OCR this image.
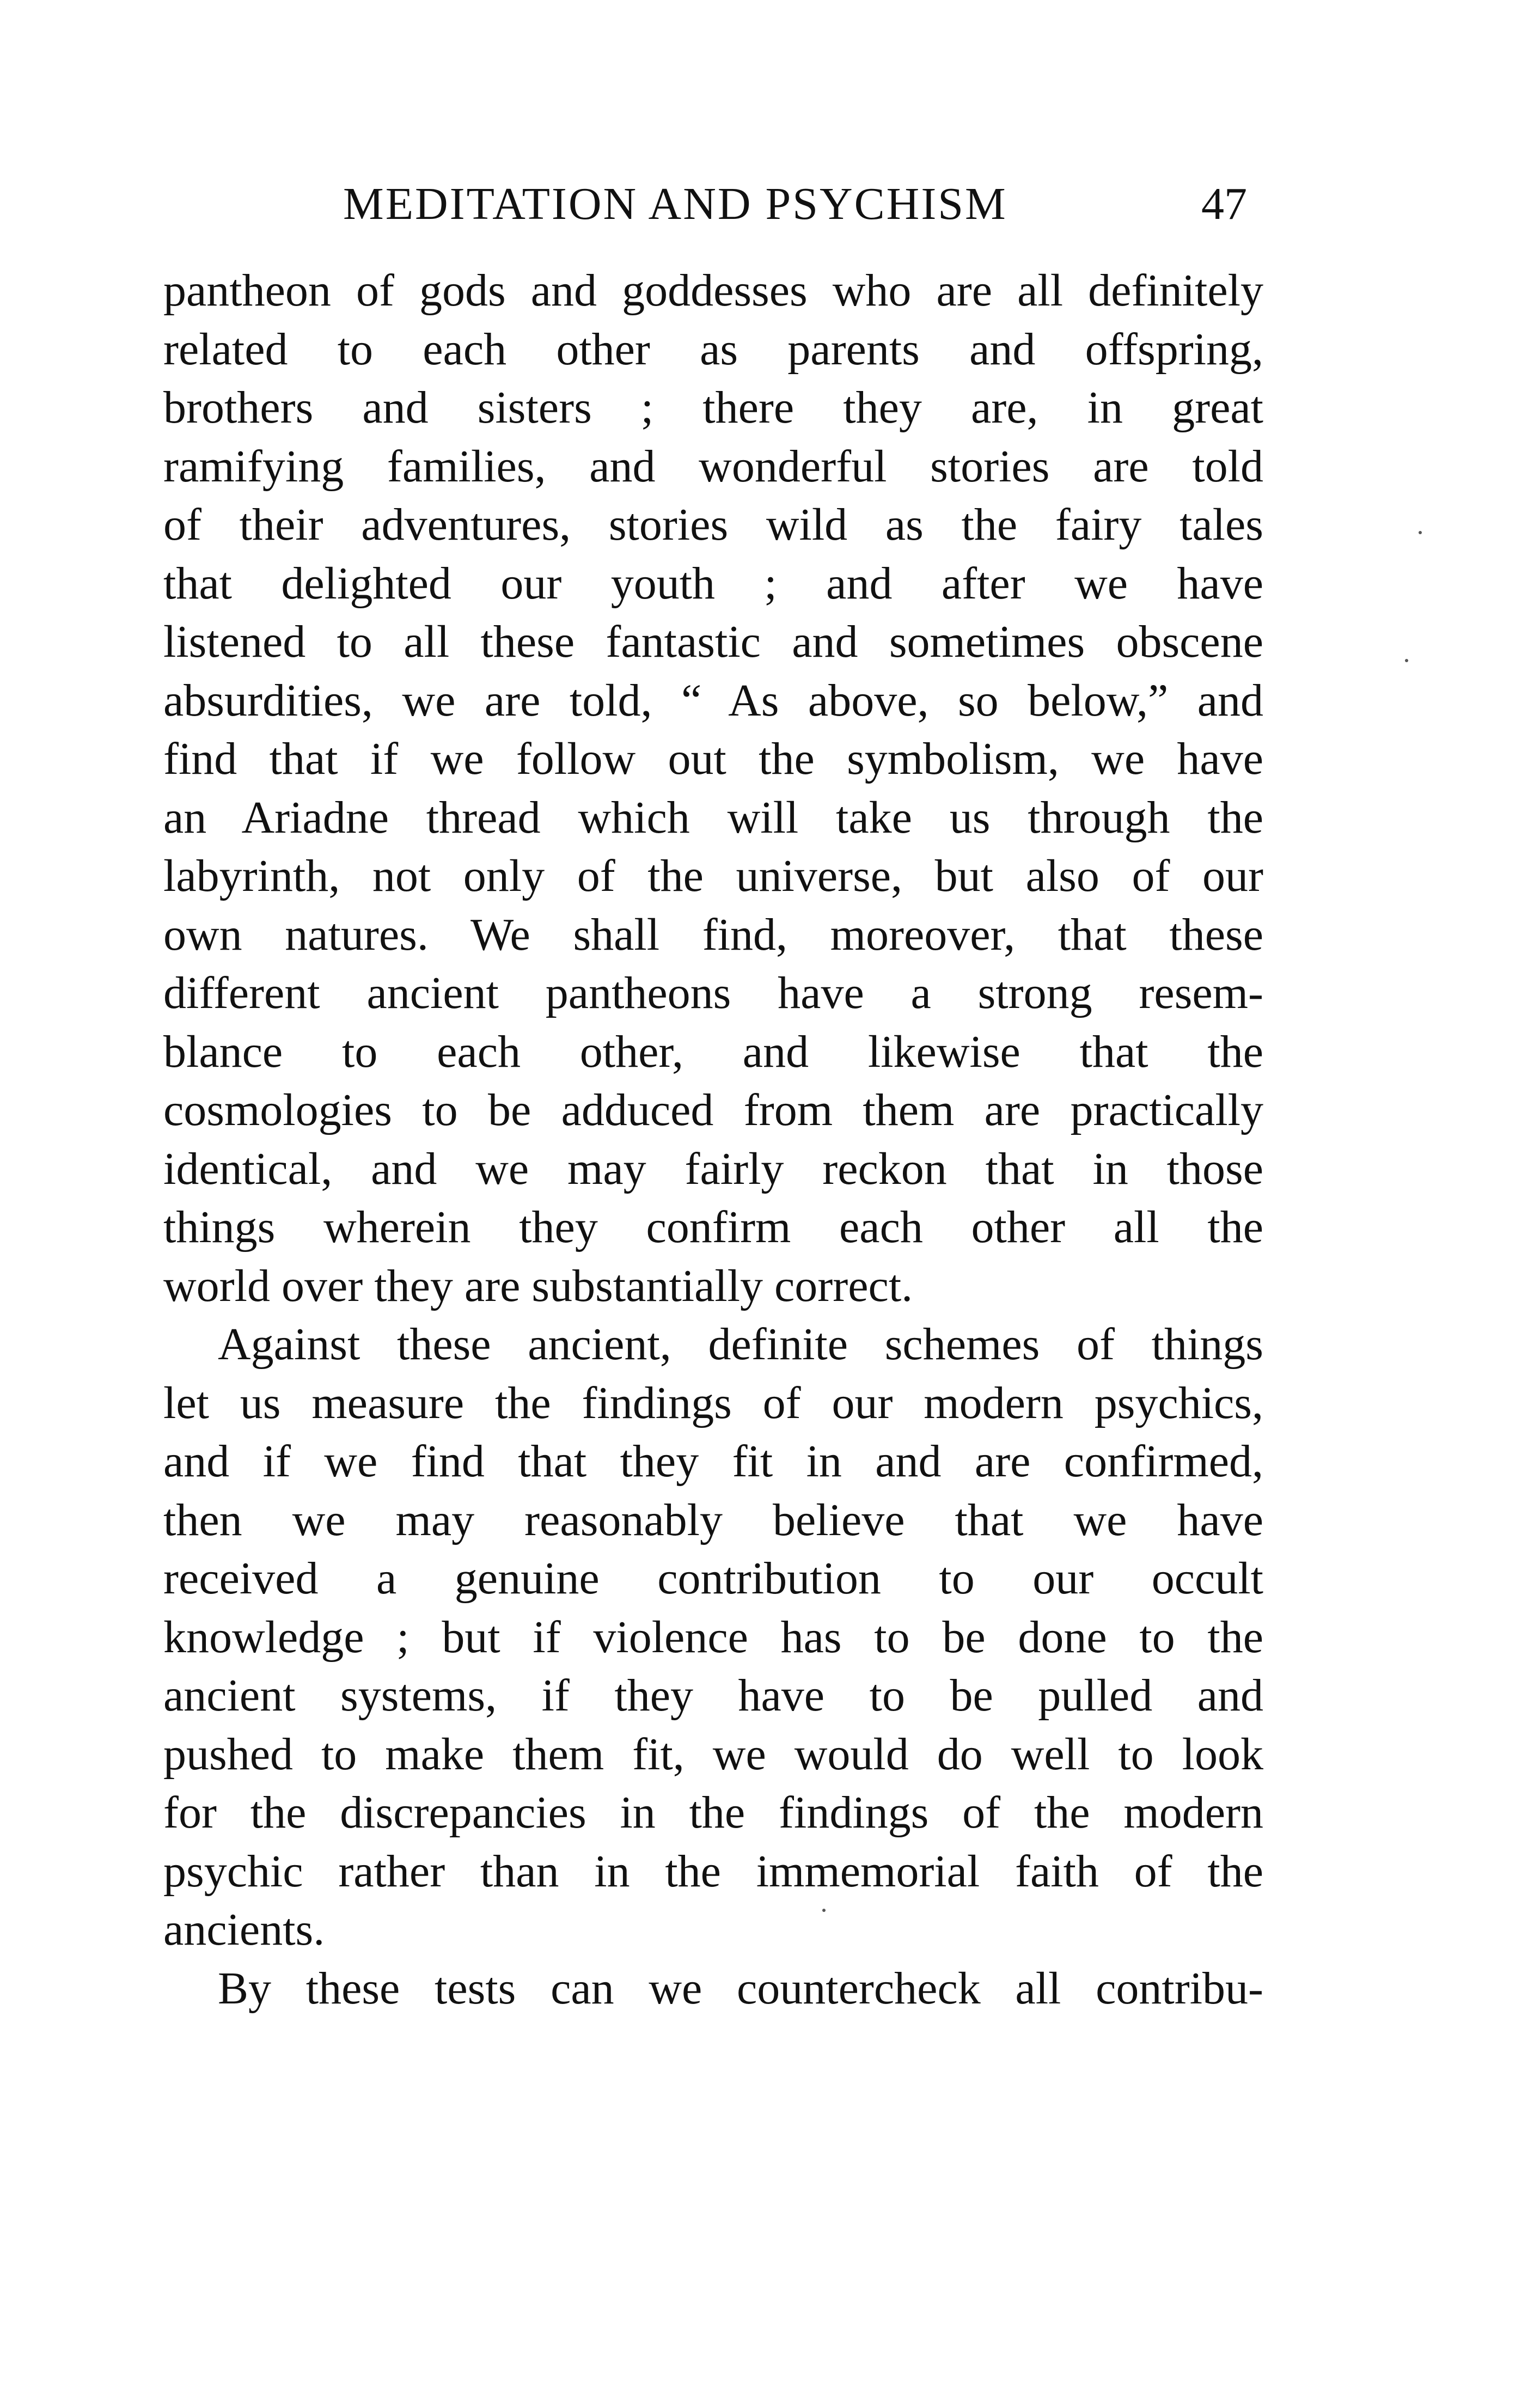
MEDITATION AND PSYCHISM	47
pantheon of gods and goddesses who are all definitely
related to each other as parents and offspring,
brothers and sisters ; there they are, in great
ramifying families, and wonderful stories are told
of their adventures, stories wild as the fairy tales
that delighted our youth ; and after we have
listened to all these fantastic and sometimes obscene
absurdities, we are told, “ As above, so below,” and
find that if we follow out the symbolism, we have
an Ariadne thread which will take us through the
labyrinth, not only of the universe, but also of our
own natures. We shall find, moreover, that these
different ancient pantheons have a strong resem-
blance to each other, and likewise that the
cosmologies to be adduced from them are practically
identical, and we may fairly reckon that in those
things wherein they confirm each other all the
world over they are substantially correct.
Against these ancient, definite schemes of things
let us measure the findings of our modern psychics,
and if we find that they fit in and are confirmed,
then we may reasonably believe that we have
received a genuine contribution to our occult
knowledge ; but if violence has to be done to the
ancient systems, if they have to be pulled and
pushed to make them fit, we would do well to look
for the discrepancies in the findings of the modern
psychic rather than in the immemorial faith of the
ancients.
By these tests can we countercheck all contribu-
